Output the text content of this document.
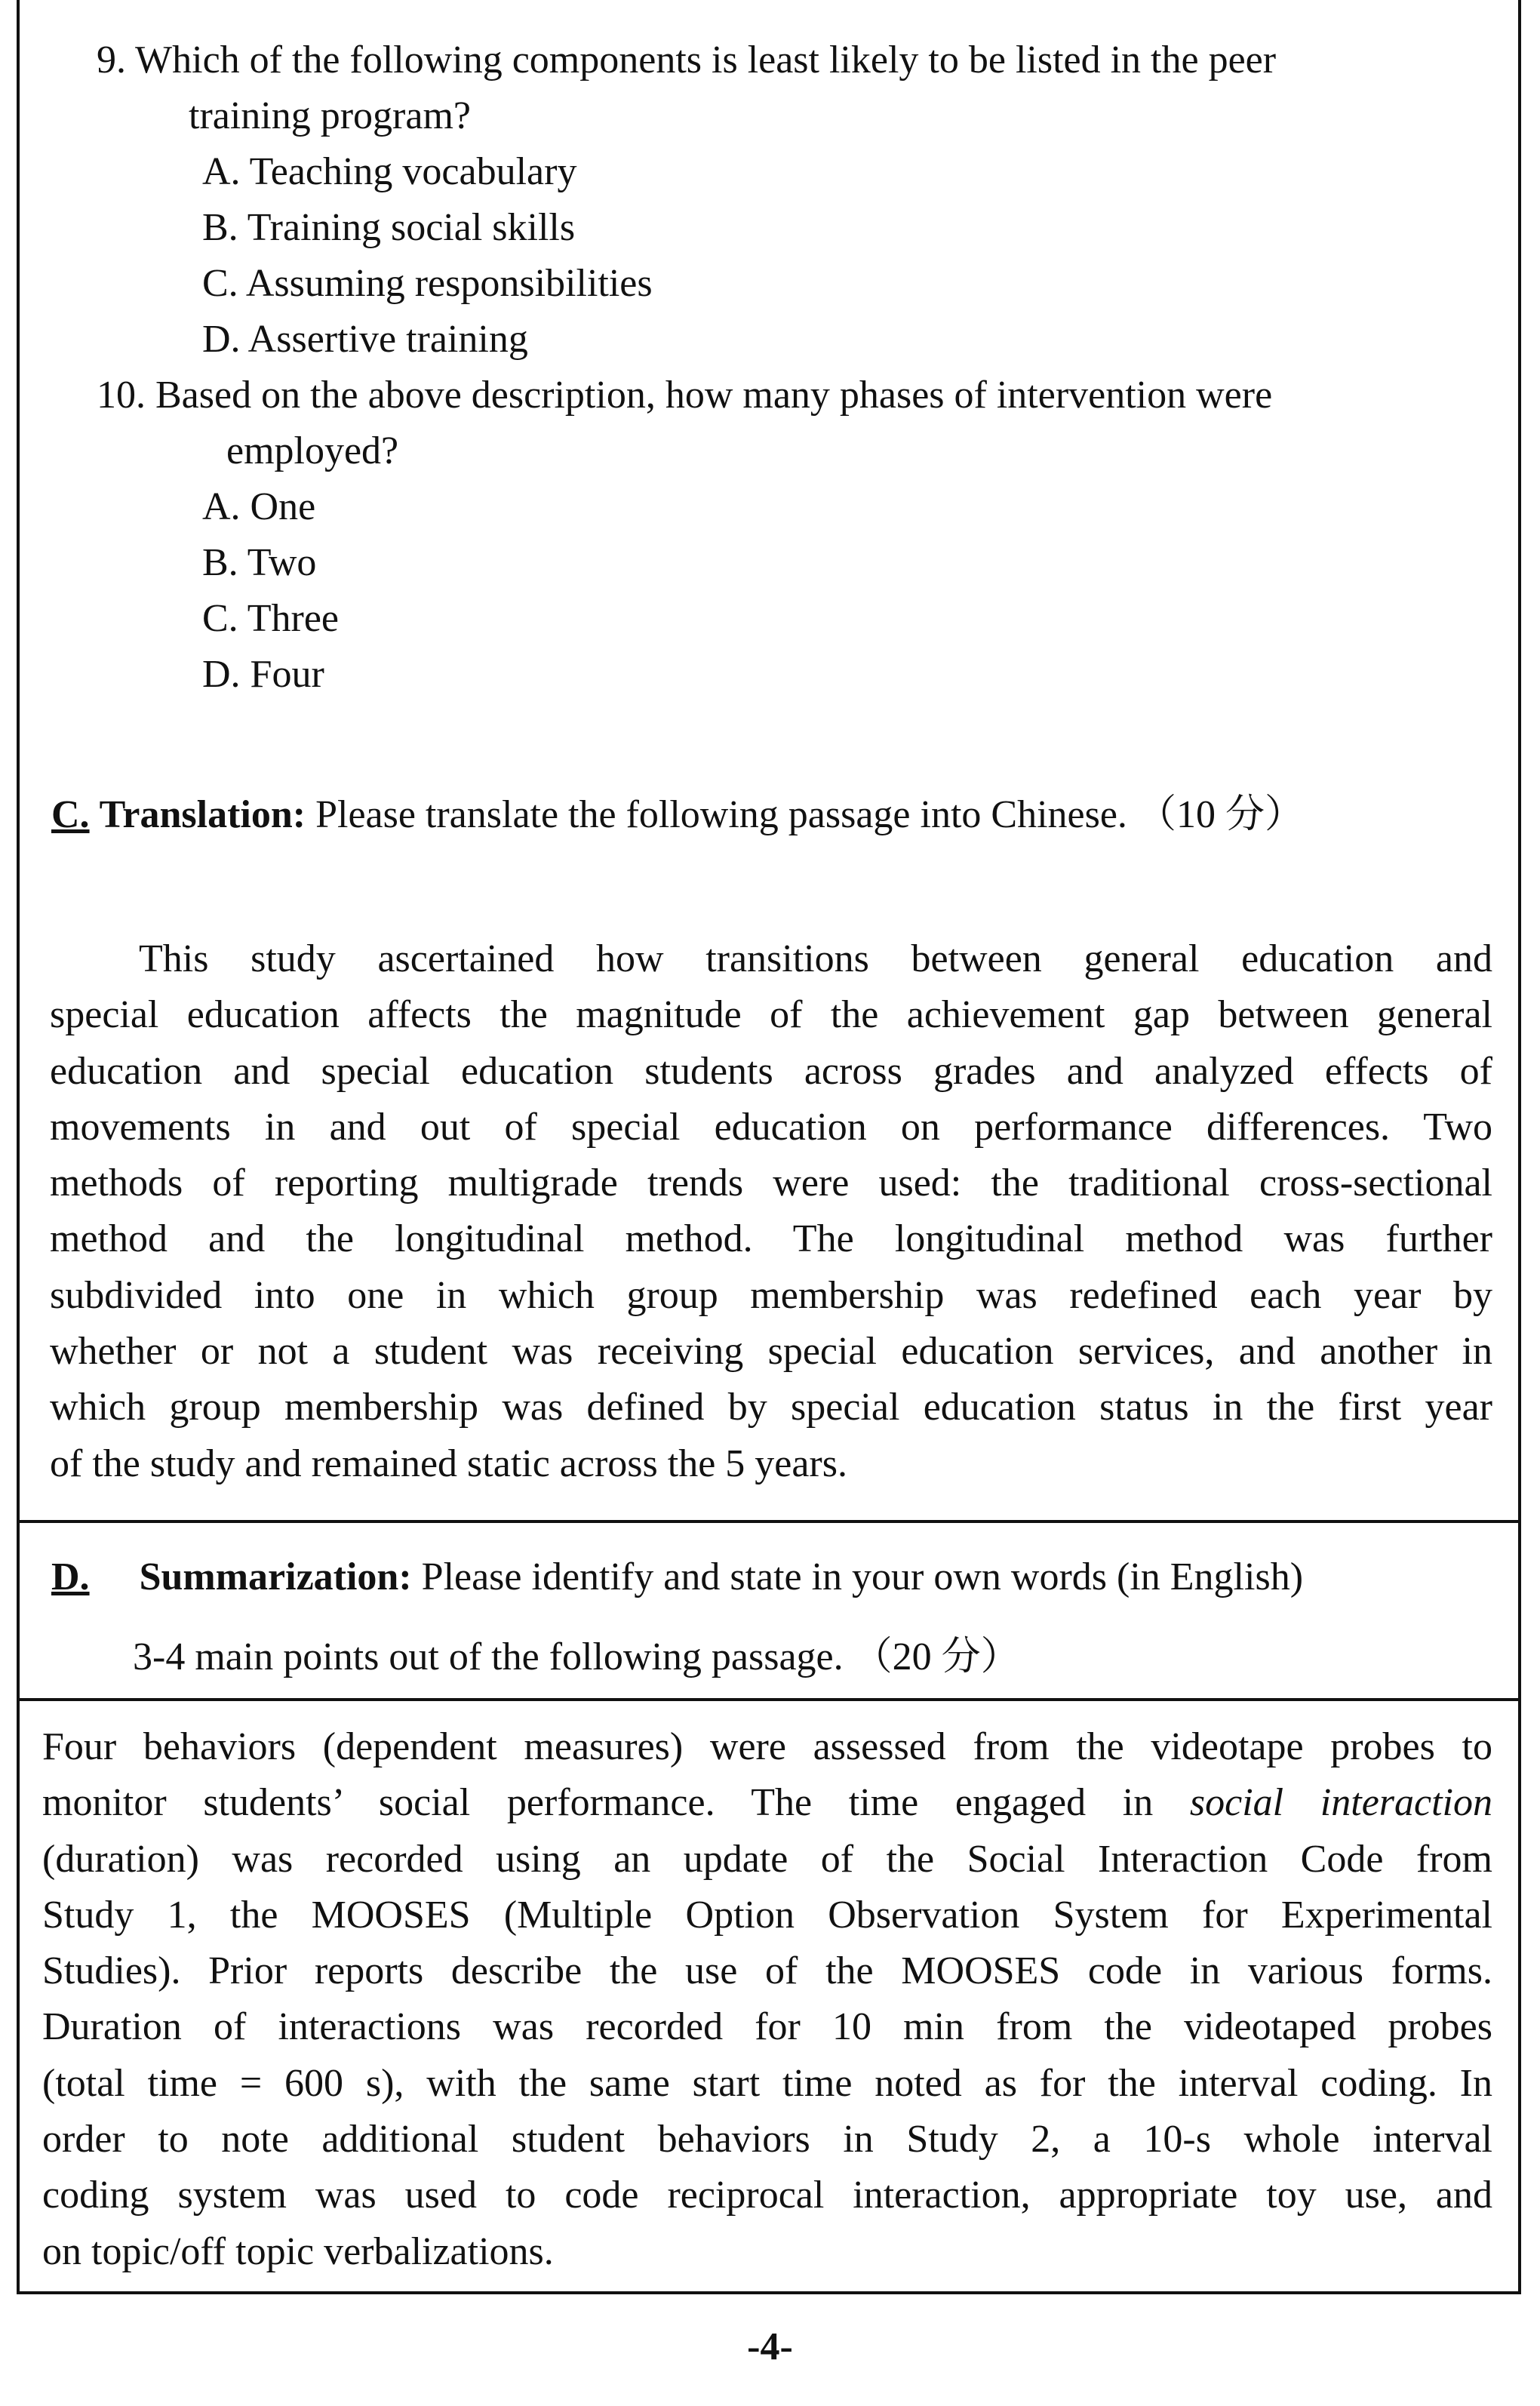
9. Which of the following components is least likely to be listed in the peer
training program?
A. Teaching vocabulary
B. Training social skills
C. Assuming responsibilities
D. Assertive training
10. Based on the above description, how many phases of intervention were
employed?
A. One
B. Two
C. Three
D. Four
C. Translation: Please translate the following passage into Chinese. （10 分）
This study ascertained how transitions between general education and
special education affects the magnitude of the achievement gap between general
education and special education students across grades and analyzed effects of
movements in and out of special education on performance differences. Two
methods of reporting multigrade trends were used: the traditional cross-sectional
method and the longitudinal method. The longitudinal method was further
subdivided into one in which group membership was redefined each year by
whether or not a student was receiving special education services, and another in
which group membership was defined by special education status in the first year
of the study and remained static across the 5 years.
D. Summarization: Please identify and state in your own words (in English)
3-4 main points out of the following passage. （20 分）
Four behaviors (dependent measures) were assessed from the videotape probes to
monitor students’ social performance. The time engaged in social interaction
(duration) was recorded using an update of the Social Interaction Code from
Study 1, the MOOSES (Multiple Option Observation System for Experimental
Studies). Prior reports describe the use of the MOOSES code in various forms.
Duration of interactions was recorded for 10 min from the videotaped probes
(total time = 600 s), with the same start time noted as for the interval coding. In
order to note additional student behaviors in Study 2, a 10-s whole interval
coding system was used to code reciprocal interaction, appropriate toy use, and
on topic/off topic verbalizations.
-4-
